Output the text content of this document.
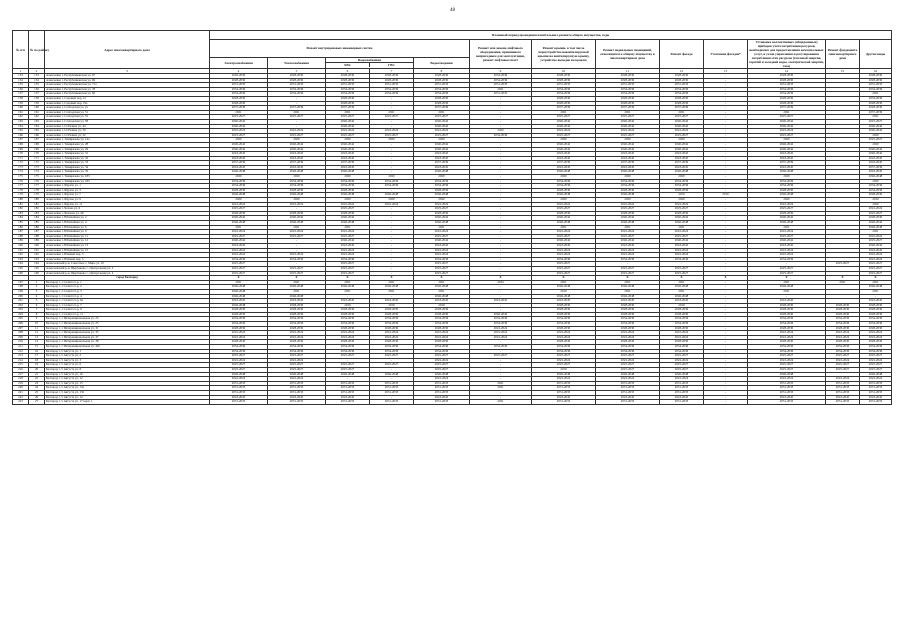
48
№ п/п	№ по району	Адрес многоквартирного дома	Плановый период проведения капитального ремонта общего имущества, годы												
			Ремонт внутридомовых инженерных систем					Ремонт или замена лифтового оборудования, признанного непригодным для эксплуатации, ремонт лифтовых шахт	Ремонт крыши, в том числе переустройство невентилируемой крыши на вентилируемую крышу, устройство выходов на кровлю	Ремонт подвальных помещений, относящихся к общему имуществу в многоквартирном доме	Ремонт фасада	Утепление фасадов*	Установка коллективных (общедомовых) приборов учета потребления ресурсов, необходимых для предоставления коммунальных услуг, и узлов управления и регулирования потребления этих ресурсов (тепловой энергии, горячей и холодной воды, электрической энергии, газа)	Ремонт фундамента многоквартирного дома	Другие виды
			Электроснабжения	Теплоснабжения	Водоснабжения
ХВС ГВС		Водоотведения								
1	2	3	4	5	6	7	8	9	10	11	12	13	14	15	16
153	153	Алексеевка г, Республиканская ул, 67	2026-2030	2028-2030	2028-2030	2028-2030	2028-2030	2034-2036	2028-2030	2028-2030	2028-2030	-	2028-2030		2028-2030
154	154	Алексеевка г, Республиканская ул, 69	2028-2030	2028-2030	2028-2030	2028-2030	2028-2030	2034-2036	2028-2030	2028-2030	2028-2030	-	2028-2030		2028-2030
155	155	Алексеевка г, Республиканская ул, 71а	2031-2033	2031-2033	2031-2033	2031-2033	2031-2033	2031-2033	2031-2033	2031-2033	2031-2033	-	2031-2033		2031-2033
156	156	Алексеевка г, Республиканская ул, 78	2034-2036	2034-2036	2034-2036	2034-2036	2034-2036	2021	2034-2036	2034-2036	2034-2036	-	2034-2036		2034-2036
157	157	Алексеевка г, Республиканская ул, 82	2034-2036	2034-2036	2034-2036	2034-2036	2034-2036	2031-2033	2034-2036	2034-2036	2034-2036	-	2034-2036		2021
158	158	Алексеевка г, Садовый пер, 1б	2028-2030	-	2028-2030	-	2028-2030	-	2028-2030	2028-2030	2028-2030	-	2028-2030		2034-2036
159	159	Алексеевка г, Садовый пер, 19а	2028-2030	-	2028-2030	-	2028-2030	-	2028-2030	2028-2030	2028-2030	-	2028-2030		2028-2030
160	160	Алексеевка г, Слободская ул, 2а	2037-2039	2037-2039	2037-2039	-	2037-2039	-	2037-2039	2037-2039	2037-2039	-	2037-2039		2028-2030
161	161	Алексеевка г, Слободская ул, 51	2021	2021	2021	2021	2021	-	2021	2021	2021	-	2021		2037-2039
162	162	Алексеевка г, Слободская ул, 55	2025-2027	2025-2027	2025-2027	2025-2027	2025-2027	-	2025-2027	2025-2027	2025-2027	-	2025-2027		2021
163	163	Алексеевка г, Слободская ул, 58	2040-2042	-	2040-2042	-	2040-2042	-	2040-2042	2040-2042	2040-2042	-	2040-2042		2025-2027
164	164	Алексеевка г, Ст.Разина ул, 44	2040-2042	-	2040-2042	-	2040-2042	-	2040-2042	2040-2042	2040-2042	-	2040-2042		2040-2042
165	165	Алексеевка г, Ст.Разина ул, 50	2022-2024	2022-2024	2022-2024	2022-2024	2022-2024	2020	2022-2024	2022-2024	2022-2024	-	2022-2024		2040-2042
166	166	Алексеевка г, Ст.Разина ул, 52	2025-2027	2025-2027	2025-2027	2025-2027	2025-2027	2034-2036	2025-2027	2025-2027	2025-2027	-	2025-2027		2020
167	167	Алексеевка г, Тимирязева ул, 14а	2020	2020	2020	2020	2020	-	2020	2020	2020	-	2020		2025-2027
168	168	Алексеевка г, Тимирязева ул, 28	2040-2042	2040-2042	2040-2042	-	2040-2042	-	2040-2042	2040-2042	2040-2042	-	2040-2042		2020
169	169	Алексеевка г, Тимирязева ул, 29	2040-2042	2040-2042	2040-2042	-	2040-2042	-	2040-2042	2040-2042	2040-2042	-	2040-2042		2040-2042
170	170	Алексеевка г, Тимирязева ул, 31	2043-2045	2043-2045	2043-2045	-	2043-2045	-	2043-2045	2043-2045	2043-2045	-	2043-2045		2040-2042
171	171	Алексеевка г, Тимирязева ул, 32	2043-2045	2043-2045	2043-2045	-	2043-2045	-	2043-2045	2043-2045	2043-2045	-	2043-2045		2043-2045
172	172	Алексеевка г, Тимирязева ул, 33	2037-2039	2037-2039	2037-2039	-	2037-2039	-	2037-2039	2037-2039	2037-2039	-	2037-2039		2043-2045
173	173	Алексеевка г, Тимирязева ул, 34	2043-2045	2043-2045	2043-2045	-	2043-2045	-	2043-2045	2043-2045	2043-2045	-	2043-2045		2037-2039
174	174	Алексеевка г, Тимирязева ул, 35	2046-2048	2046-2048	2046-2048	-	2046-2048	-	2046-2048	2046-2048	2046-2048	-	2046-2048		2043-2045
175	175	Алексеевка г, Тимирязева ул, 183	2020	2020	2020	2020	2020	-	2020	2020	2020	-	2020		2046-2048
176	176	Алексеевка г, Тимирязева ул, 185	2034-2036	2034-2036	2034-2036	2034-2036	2034-2036	-	2034-2036	2034-2036	2034-2036	-	2034-2036		2020
177	177	Алексеевка г, Фрунзе ул, 1	2034-2036	2034-2036	2034-2036	2034-2036	2034-2036	-	2034-2036	2034-2036	2034-2036	-	2034-2036		2034-2036
178	178	Алексеевка г, Фрунзе ул, 3	2028-2030	2028-2030	2028-2030	-	2028-2030	-	2028-2030	2028-2030	2028-2030	-	2028-2030		2034-2036
179	179	Алексеевка г, Фрунзе ул, 7	2046-2048	2046-2048	2046-2048	2046-2048	2046-2048	-	2046-2048	2046-2048	2019	2019	2046-2048		2028-2030
180	180	Алексеевка г, Фрунзе ул, 9	2020	2020	2020	2020	2020	-	2020	2020	2020	-	2020		2019
181	181	Алексеевка г, Фрунзе ул, 11	2022-2024	2022-2024	2022-2024	2022-2024	2022-2024	-	2022-2024	2022-2024	2022-2024	-	2022-2024		2020
182	182	Алексеевка г, Чехова ул, 6	2025-2027	-	2025-2027	-	2025-2027	-	2025-2027	2025-2027	2025-2027	-	2025-2027		2022-2024
183	183	Алексеевка г, Чкалова ул, 49	2028-2030	2028-2030	2028-2030	-	2028-2030	-	2028-2030	2028-2030	2028-2030	-	2028-2030		2025-2027
184	184	Алексеевка г, Юбилейная ул, 2	2040-2042	2040-2042	2040-2042	-	2040-2042	-	2040-2042	2040-2042	2040-2042	-	2040-2042		2028-2030
185	185	Алексеевка г, Юбилейная ул, 4	2046-2048	2046-2048	2046-2048	-	2046-2048	-	2046-2048	2046-2048	2046-2048	-	2046-2048		2040-2042
186	186	Алексеевка г, Юбилейная ул, 6	2021	2021	2021	-	2021	-	2021	2021	2021	-	2021		2046-2048
187	187	Алексеевка г, Юбилейная ул, 9	2022-2024	2022-2024	2022-2024	-	2022-2024	-	2022-2024	2022-2024	2022-2024	-	2022-2024		2021
188	188	Алексеевка г, Юбилейная ул, 11	2025-2027	2025-2027	2025-2027	-	2025-2027	-	2025-2027	2025-2027	2025-2027	-	2025-2027		2022-2024
189	189	Алексеевка г, Юбилейная ул, 12	2040-2042	-	2040-2042	-	2040-2042	-	2040-2042	2040-2042	2040-2042	-	2040-2042		2025-2027
190	190	Алексеевка г, Юбилейная ул, 13	2043-2045	-	2043-2045	-	2043-2045	-	2043-2045	2043-2045	2043-2045	-	2043-2045		2040-2042
191	191	Алексеевка г, Юбилейная ул, 15	2022-2024	-	2022-2024	-	2022-2024	-	2022-2024	2022-2024	2022-2024	-	2022-2024		2043-2045
192	192	Алексеевка г, Южный пер, 3	2022-2024	2022-2024	2022-2024	-	2022-2024	-	2022-2024	2022-2024	2022-2024	-	2022-2024		2022-2024
193	193	Алексеевка г, Южный пер, 5	2034-2036	2034-2036	2034-2036	-	2034-2036	-	2034-2036	2034-2036	2034-2036	-	2034-2036		2022-2024
194	194	Алексеевский р-н, Советское с, Мира ул, 10	2025-2027	-	2025-2027	-	2025-2027	-	2025-2027	-	-	-	-	2025-2027	2025-2027
195	195	Алексеевский р-н, Щербаково с, Центральная ул, 2	2025-2027	2025-2027	2025-2027	-	2025-2027	-	2025-2027	2025-2027	2025-2027	-	2025-2027		2025-2027
196	196	Алексеевский р-н, Щербаково с, Центральная ул, 4	2025-2027	2025-2027	2025-2027	-	2025-2027	-	2025-2027	2025-2027	2025-2027	-	2025-2027		2025-2027
		город Белгород	X	X	X	X	X	X	X	X	X	X	X	X	X
197	1	Белгород г, 1 Салюта б-р, 1	2021	2021	2021	2021	2021	2034	2021	2021	2021	-	2021	2021	2021
198	2	Белгород г, 1 Салюта б-р, 2	2046-2048	2046-2048	2046-2048	2046-2048	2046-2048	-	2046-2048	2046-2048	2046-2048	-	2046-2048		2046-2048
199	3	Белгород г, 1 Салюта б-р, 3	2046-2048	2021	2021	2021	2021	-	2019	2021	2021	-	2021		2021
200	4	Белгород г, 1 Салюта б-р, 4	2046-2048	2046-2048	-	-	2046-2048	-	2046-2048	2046-2048	2046-2048	-	-		-
201	5	Белгород г, 1 Салюта б-р, 6а	2043-2045	2043-2045	2043-2045	2043-2045	2043-2045	2043-2045	2043-2045	2043-2045	2043-2045	-	2043-2045		2043-2045
202	6	Белгород г, 1 Салюта б-р, 7	2046-2048	2028-2030	2019	2019	2019	-	2028-2030	2028-2030	2019	-	2028-2030	2028-2030	2028-2030
203	7	Белгород г, 1 Салюта б-р, 9	2028-2030	2028-2030	2028-2030	2028-2030	2028-2030	-	2028-2030	2028-2030	2028-2030	-	2028-2030	2028-2030	2028-2030
204	8	Белгород г, 1 Салюта б-р, 11	2028-2030	2028-2030	2028-2030	2028-2030	2028-2030	2040-2042	2028-2030	2028-2030	2028-2030	-	2028-2030	2028-2030	2028-2030
205	9	Белгород г, 1 Интернациональная ул, 23	2034-2036	2034-2036	2034-2036	2034-2036	2034-2036	2034-2036	2034-2036	2034-2036	2034-2036	-	2034-2036	2034-2036	2034-2036
206	10	Белгород г, 1 Интернациональная ул, 25	2034-2036	2034-2036	2034-2036	2034-2036	2034-2036	2034-2036	2034-2036	2034-2036	2034-2036	-	2034-2036	2034-2036	2034-2036
207	11	Белгород г, 1 Интернациональная ул, 31	2028-2030	2028-2030	2028-2030	2028-2030	2028-2030	2022-2024	2028-2030	2028-2030	2028-2030	-	2028-2030	2028-2030	2028-2030
208	12	Белгород г, 1 Интернациональная ул, 35	2022-2024	2022-2024	2022-2024	2022-2024	2022-2024	2022-2024	2022-2024	2022-2024	2022-2024	-	2022-2024	2022-2024	2022-2024
209	13	Белгород г, 1 Интернациональная ул, 37	2022-2024	2022-2024	2022-2024	2022-2024	2022-2024	2022-2024	2022-2024	2022-2024	2022-2024	-	2022-2024	2022-2024	2022-2024
210	14	Белгород г, 1 Интернациональная ул, 38	2028-2030	2028-2030	2028-2030	2028-2030	2028-2030	-	2028-2030	2028-2030	2028-2030	-	2028-2030	2028-2030	2028-2030
211	15	Белгород г, 1 Интернациональная ул, 40а	2034-2036	2034-2036	2034-2036	2034-2036	2034-2036	2034-2036	2034-2036	2034-2036	2034-2036	-	2034-2036	2034-2036	2034-2036
212	16	Белгород г, 5 Августа ул, 1	2034-2036	2034-2036	2034-2036	2034-2036	2034-2036	-	2034-2036	2034-2036	2034-2036	-	2034-2036	2034-2036	2034-2036
213	17	Белгород г, 5 Августа ул, 2	2025-2027	2025-2027	2025-2027	2025-2027	2025-2027	2025-2027	2025-2027	2025-2027	2025-2027	-	2025-2027	2025-2027	2025-2027
214	18	Белгород г, 5 Августа ул, 3	2022-2024	2022-2024	-	-	2022-2024	-	2022-2024	2022-2024	2022-2024	-	2022-2024	2022-2024	2022-2024
215	19	Белгород г, 5 Августа ул, 6	2025-2027	2025-2027	2025-2027	2025-2027	2025-2027	-	2025-2027	2025-2027	2025-2027	-	2025-2027	2025-2027	2025-2027
216	20	Белгород г, 5 Августа ул, 8	2025-2027	2025-2027	2025-2027	-	2025-2027	-	2019	2025-2027	2025-2027	-	2025-2027	2025-2027	2025-2027
217	21	Белгород г, 5 Августа ул, 10	2046-2048	2046-2048	2046-2048	2046-2048	2046-2048	-	2046-2048	2046-2048	2046-2048	-	2046-2048		2046-2048
218	22	Белгород г, 5 Августа ул, 12	2022-2024	2022-2024	-	-	2022-2024	-	2022-2024	2022-2024	2022-2024	-	2022-2024	2022-2024	2022-2024
219	23	Белгород г, 5 Августа ул, 13	2031-2033	2031-2033	2031-2033	2031-2033	2031-2033	2021	2031-2033	2031-2033	2031-2033	-	2031-2033	2031-2033	2031-2033
220	24	Белгород г, 5 Августа ул, 13а	2031-2033	2031-2033	2031-2033	2031-2033	2031-2033	2021	2031-2033	2031-2033	2031-2033	-	2031-2033	2031-2033	2031-2033
221	25	Белгород г, 5 Августа ул, 13б	2031-2033	2031-2033	2031-2033	2031-2033	2031-2033	-	2031-2033	2031-2033	2031-2033	-	2031-2033	2031-2033	2031-2033
222	26	Белгород г, 5 Августа ул, 14	2043-2045	2043-2045	2043-2045	-	2043-2045	-	2043-2045	2043-2045	2043-2045	-	2043-2045	2043-2045	2043-2045
223	27	Белгород г, 5 Августа ул, 17 корп. 1	2031-2033	2031-2033	2031-2033	2031-2033	2031-2033	2021	2031-2033	2031-2033	2031-2033	-	2031-2033	2031-2033	2031-2033
